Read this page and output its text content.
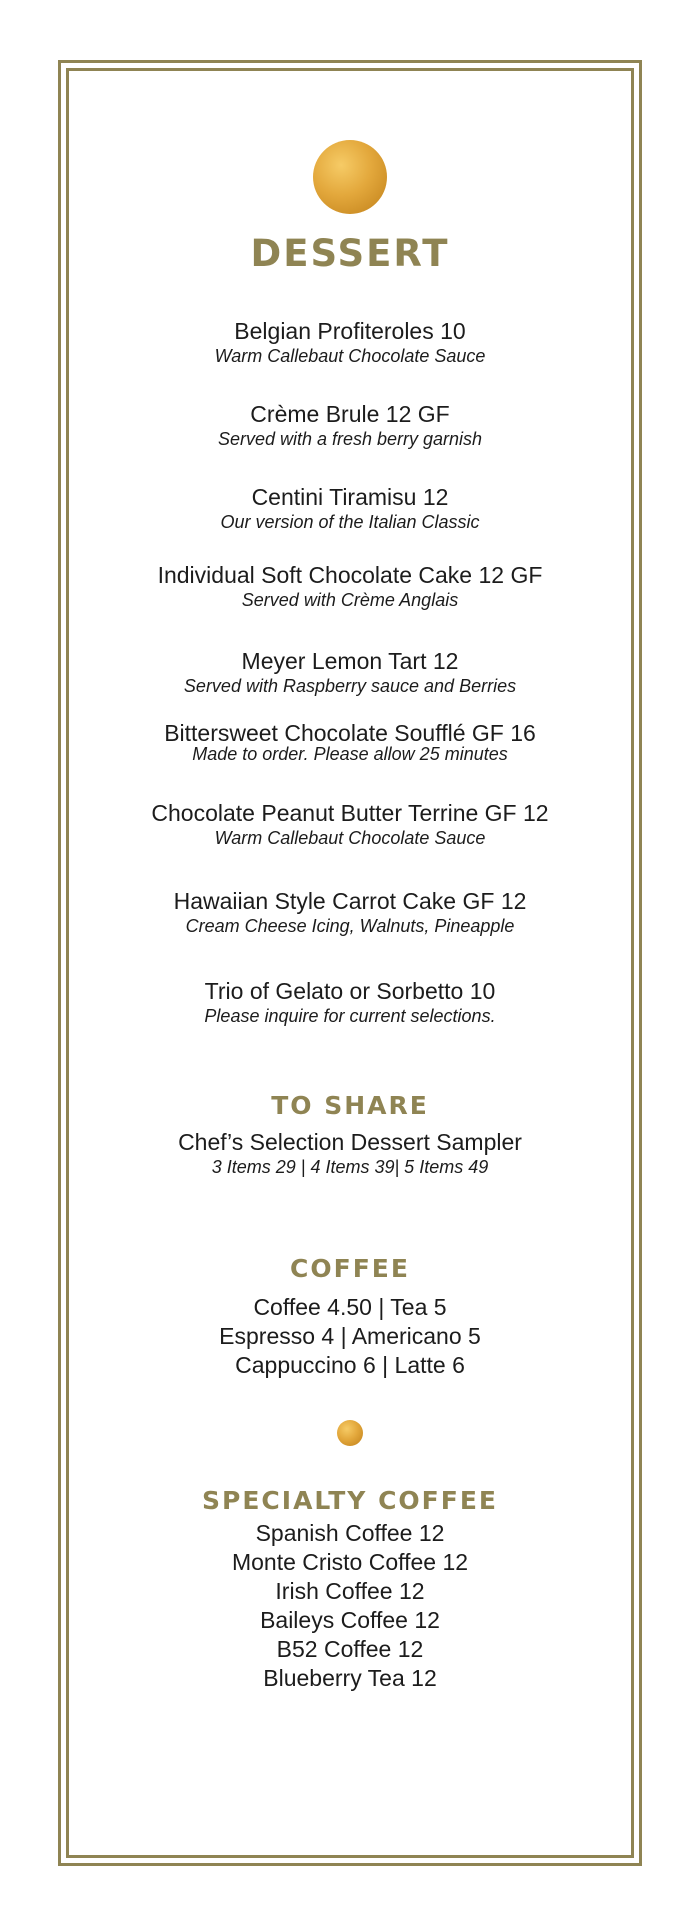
DESSERT
Belgian Profiteroles 10
Warm Callebaut Chocolate Sauce
Crème Brule 12 GF
Served with a fresh berry garnish
Centini Tiramisu 12
Our version of the Italian Classic
Individual Soft Chocolate Cake 12 GF
Served with Crème Anglais
Meyer Lemon Tart 12
Served with Raspberry sauce and Berries
Bittersweet Chocolate Soufflé GF 16
Made to order. Please allow 25 minutes
Chocolate Peanut Butter Terrine GF 12
Warm Callebaut Chocolate Sauce
Hawaiian Style Carrot Cake GF 12
Cream Cheese Icing, Walnuts, Pineapple
Trio of Gelato or Sorbetto 10
Please inquire for current selections.
TO SHARE
Chef’s Selection Dessert Sampler
3 Items 29 | 4 Items 39| 5 Items 49
COFFEE
Coffee 4.50 | Tea 5
Espresso 4 | Americano 5
Cappuccino 6 | Latte 6
SPECIALTY COFFEE
Spanish Coffee 12
Monte Cristo Coffee 12
Irish Coffee 12
Baileys Coffee 12
B52 Coffee 12
Blueberry Tea 12
